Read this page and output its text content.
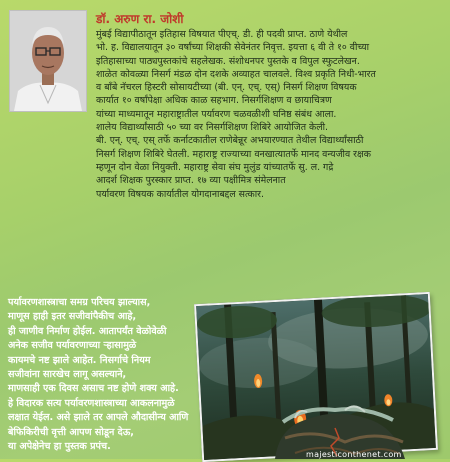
डॉ. अरुण रा. जोशी
मुंबई विद्यापीठातून इतिहास विषयात पीएच्. डी. ही पदवी प्राप्त. ठाणे येथील
भो. ह. विद्यालयातून ३० वर्षांच्या शिक्षकी सेवेनंतर निवृत्त. इयत्ता ६ वी ते १० वीच्या
इतिहासाच्या पाठ्यपुस्तकांचे सहलेखक. संशोधनपर पुस्तके व विपुल स्फुटलेखन.
शाळेत कोवळ्या निसर्ग मंडळ दोन दशके अव्याहत चालवले. विश्व प्रकृति निधी-भारत
व बॉंबे नॅचरल हिस्टरी सोसायटीच्या (बी. एन्. एच्. एस्) निसर्ग शिक्षण विषयक
कार्यात १० वर्षांपेक्षा अधिक काळ सहभाग. निसर्गशिक्षण व छायाचित्रण
यांच्या माध्यमातून महाराष्ट्रातील पर्यावरण चळवळीशी घनिष्ठ संबंध आला.
शालेय विद्यार्थ्यांसाठी ५० च्या वर निसर्गशिक्षण शिबिरे आयोजित केली.
बी. एन्. एच्. एस् तर्फे कर्नाटकातील राणेबेन्नूर अभयारण्यात तेथील विद्यार्थ्यांसाठी
निसर्ग शिक्षण शिबिरे घेतली. महाराष्ट्र राज्याच्या वनखात्यातर्फे मानद वन्यजीव रक्षक
म्हणून दोन वेळा नियुक्ती. महाराष्ट्र सेवा संघ मुलुंड यांच्यातर्फे सु. ल. गद्रे
आदर्श शिक्षक पुरस्कार प्राप्त. १७ व्या पक्षीमित्र संमेलनात
पर्यावरण विषयक कार्यातील योगदानाबद्दल सत्कार.
पर्यावरणशास्त्राचा समग्र परिचय झाल्यास,
माणूस हाही इतर सजीवांपैकीच आहे,
ही जाणीव निर्माण होईल. आतापर्यंत वेळोवेळी
अनेक सजीव पर्यावरणाच्या ऱ्हासामुळे
कायमचे नष्ट झाले आहेत. निसर्गाचे नियम
सजीवांना सारखेच लागू असल्याने,
माणसाही एक दिवस असाच नष्ट होणे शक्य आहे.
हे विदारक सत्य पर्यावरणशास्त्राच्या आकलनामुळे
लक्षात येईल. असे झाले तर आपले औदासीन्य आणि
बेफिकिरीची वृत्ती आपण सोडून देऊ,
या अपेक्षेनेच हा पुस्तक प्रपंच.
majesticonthenet.com
